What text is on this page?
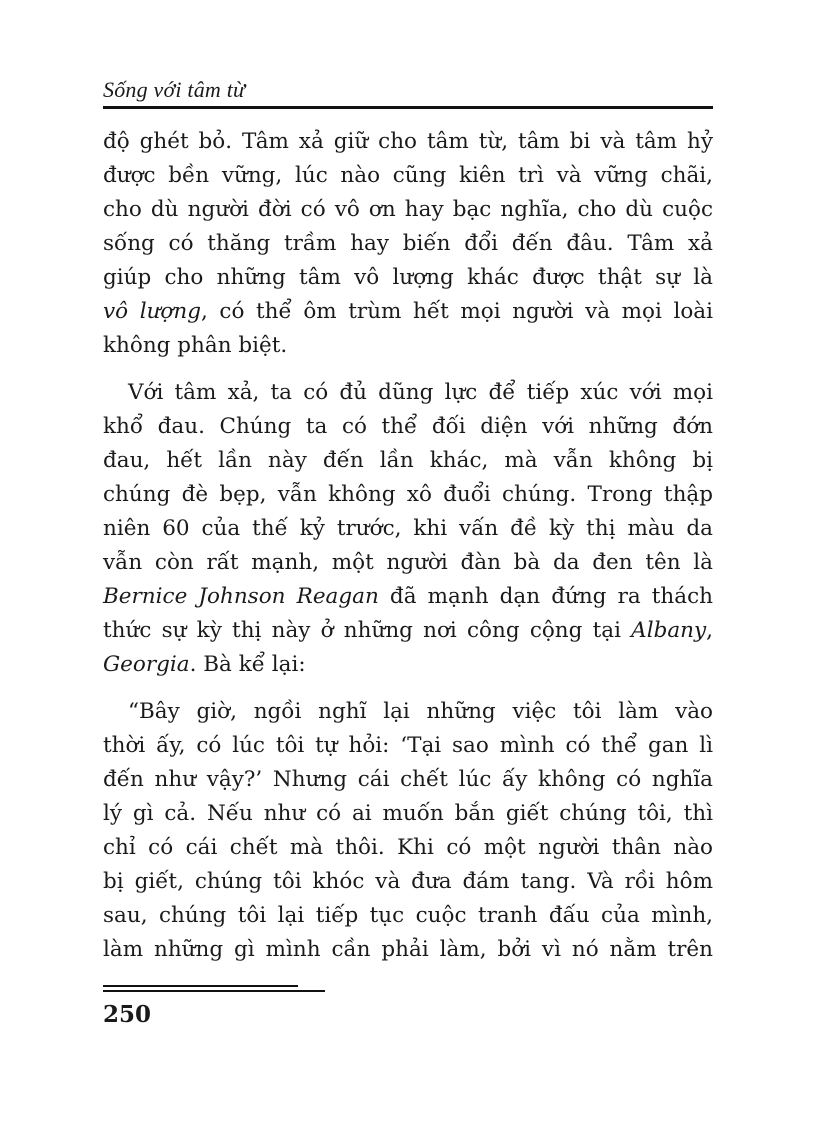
Sống với tâm từ
độ ghét bỏ. Tâm xả giữ cho tâm từ, tâm bi và tâm hỷ
được bền vững, lúc nào cũng kiên trì và vững chãi,
cho dù người đời có vô ơn hay bạc nghĩa, cho dù cuộc
sống có thăng trầm hay biến đổi đến đâu. Tâm xả
giúp cho những tâm vô lượng khác được thật sự là
vô lượng, có thể ôm trùm hết mọi người và mọi loài
không phân biệt.
Với tâm xả, ta có đủ dũng lực để tiếp xúc với mọi
khổ đau. Chúng ta có thể đối diện với những đớn
đau, hết lần này đến lần khác, mà vẫn không bị
chúng đè bẹp, vẫn không xô đuổi chúng. Trong thập
niên 60 của thế kỷ trước, khi vấn đề kỳ thị màu da
vẫn còn rất mạnh, một người đàn bà da đen tên là
Bernice Johnson Reagan đã mạnh dạn đứng ra thách
thức sự kỳ thị này ở những nơi công cộng tại Albany,
Georgia. Bà kể lại:
“Bây giờ, ngồi nghĩ lại những việc tôi làm vào
thời ấy, có lúc tôi tự hỏi: ‘Tại sao mình có thể gan lì
đến như vậy?’ Nhưng cái chết lúc ấy không có nghĩa
lý gì cả. Nếu như có ai muốn bắn giết chúng tôi, thì
chỉ có cái chết mà thôi. Khi có một người thân nào
bị giết, chúng tôi khóc và đưa đám tang. Và rồi hôm
sau, chúng tôi lại tiếp tục cuộc tranh đấu của mình,
làm những gì mình cần phải làm, bởi vì nó nằm trên
250
